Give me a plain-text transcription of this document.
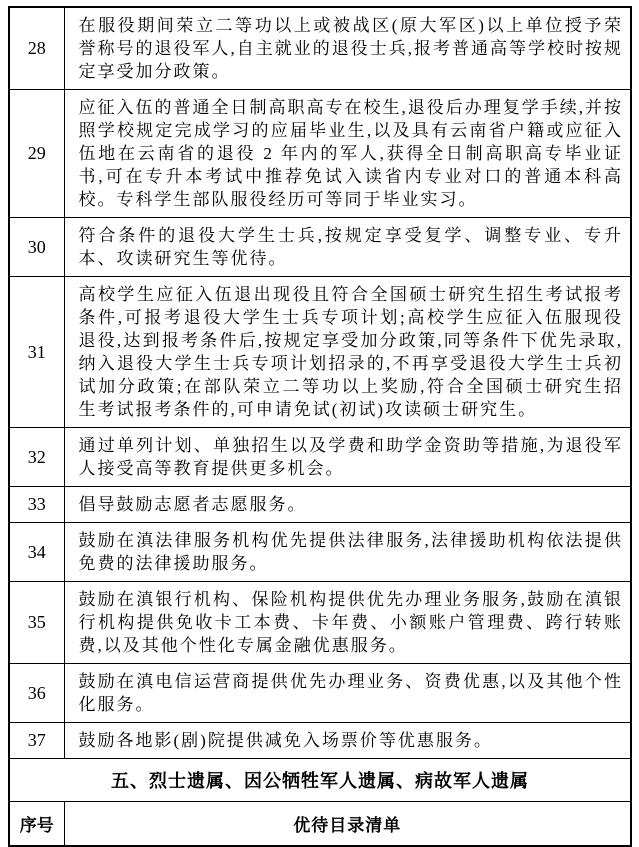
28	在服役期间荣立二等功以上或被战区(原大军区)以上单位授予荣誉称号的退役军人,自主就业的退役士兵,报考普通高等学校时按规定享受加分政策。
29	应征入伍的普通全日制高职高专在校生,退役后办理复学手续,并按照学校规定完成学习的应届毕业生,以及具有云南省户籍或应征入伍地在云南省的退役 2 年内的军人,获得全日制高职高专毕业证书,可在专升本考试中推荐免试入读省内专业对口的普通本科高校。专科学生部队服役经历可等同于毕业实习。
30	符合条件的退役大学生士兵,按规定享受复学、调整专业、专升本、攻读研究生等优待。
31	高校学生应征入伍退出现役且符合全国硕士研究生招生考试报考条件,可报考退役大学生士兵专项计划;高校学生应征入伍服现役退役,达到报考条件后,按规定享受加分政策,同等条件下优先录取,纳入退役大学生士兵专项计划招录的,不再享受退役大学生士兵初试加分政策;在部队荣立二等功以上奖励,符合全国硕士研究生招生考试报考条件的,可申请免试(初试)攻读硕士研究生。
32	通过单列计划、单独招生以及学费和助学金资助等措施,为退役军人接受高等教育提供更多机会。
33	倡导鼓励志愿者志愿服务。
34	鼓励在滇法律服务机构优先提供法律服务,法律援助机构依法提供免费的法律援助服务。
35	鼓励在滇银行机构、保险机构提供优先办理业务服务,鼓励在滇银行机构提供免收卡工本费、卡年费、小额账户管理费、跨行转账费,以及其他个性化专属金融优惠服务。
36	鼓励在滇电信运营商提供优先办理业务、资费优惠,以及其他个性化服务。
37	鼓励各地影(剧)院提供减免入场票价等优惠服务。
五、烈士遗属、因公牺牲军人遗属、病故军人遗属	
序号	优待目录清单
